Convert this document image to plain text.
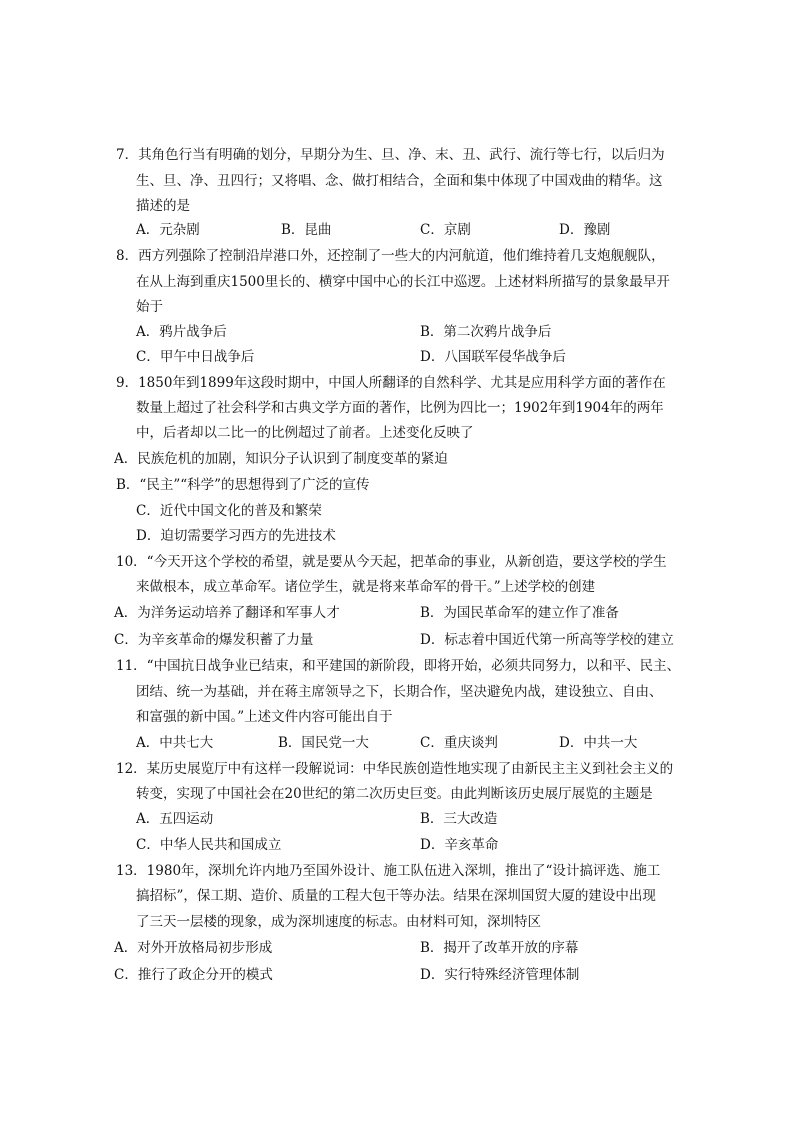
7．其角色行当有明确的划分，早期分为生、旦、净、末、丑、武行、流行等七行，以后归为
生、旦、净、丑四行；又将唱、念、做打相结合，全面和集中体现了中国戏曲的精华。这
描述的是
A．元杂剧	B．昆曲	C．京剧	D．豫剧
8．西方列强除了控制沿岸港口外，还控制了一些大的内河航道，他们维持着几支炮舰舰队，
在从上海到重庆1500里长的、横穿中国中心的长江中巡逻。上述材料所描写的景象最早开
始于
A．鸦片战争后	B．第二次鸦片战争后
C．甲午中日战争后	D．八国联军侵华战争后
9．1850年到1899年这段时期中，中国人所翻译的自然科学、尤其是应用科学方面的著作在
数量上超过了社会科学和古典文学方面的著作，比例为四比一；1902年到1904年的两年
中，后者却以二比一的比例超过了前者。上述变化反映了
A．民族危机的加剧，知识分子认识到了制度变革的紧迫
B．“民主”“科学”的思想得到了广泛的宣传
C．近代中国文化的普及和繁荣
D．迫切需要学习西方的先进技术
10．“今天开这个学校的希望，就是要从今天起，把革命的事业，从新创造，要这学校的学生
来做根本，成立革命军。诸位学生，就是将来革命军的骨干。”上述学校的创建
A．为洋务运动培养了翻译和军事人才	B．为国民革命军的建立作了准备
C．为辛亥革命的爆发积蓄了力量	D．标志着中国近代第一所高等学校的建立
11．“中国抗日战争业已结束，和平建国的新阶段，即将开始，必须共同努力，以和平、民主、
团结、统一为基础，并在蒋主席领导之下，长期合作，坚决避免内战，建设独立、自由、
和富强的新中国。”上述文件内容可能出自于
A．中共七大	B．国民党一大	C．重庆谈判	D．中共一大
12．某历史展览厅中有这样一段解说词：中华民族创造性地实现了由新民主主义到社会主义的
转变，实现了中国社会在20世纪的第二次历史巨变。由此判断该历史展厅展览的主题是
A．五四运动	B．三大改造
C．中华人民共和国成立	D．辛亥革命
13．1980年，深圳允许内地乃至国外设计、施工队伍进入深圳，推出了“设计搞评选、施工
搞招标”，保工期、造价、质量的工程大包干等办法。结果在深圳国贸大厦的建设中出现
了三天一层楼的现象，成为深圳速度的标志。由材料可知，深圳特区
A．对外开放格局初步形成	B．揭开了改革开放的序幕
C．推行了政企分开的模式	D．实行特殊经济管理体制
